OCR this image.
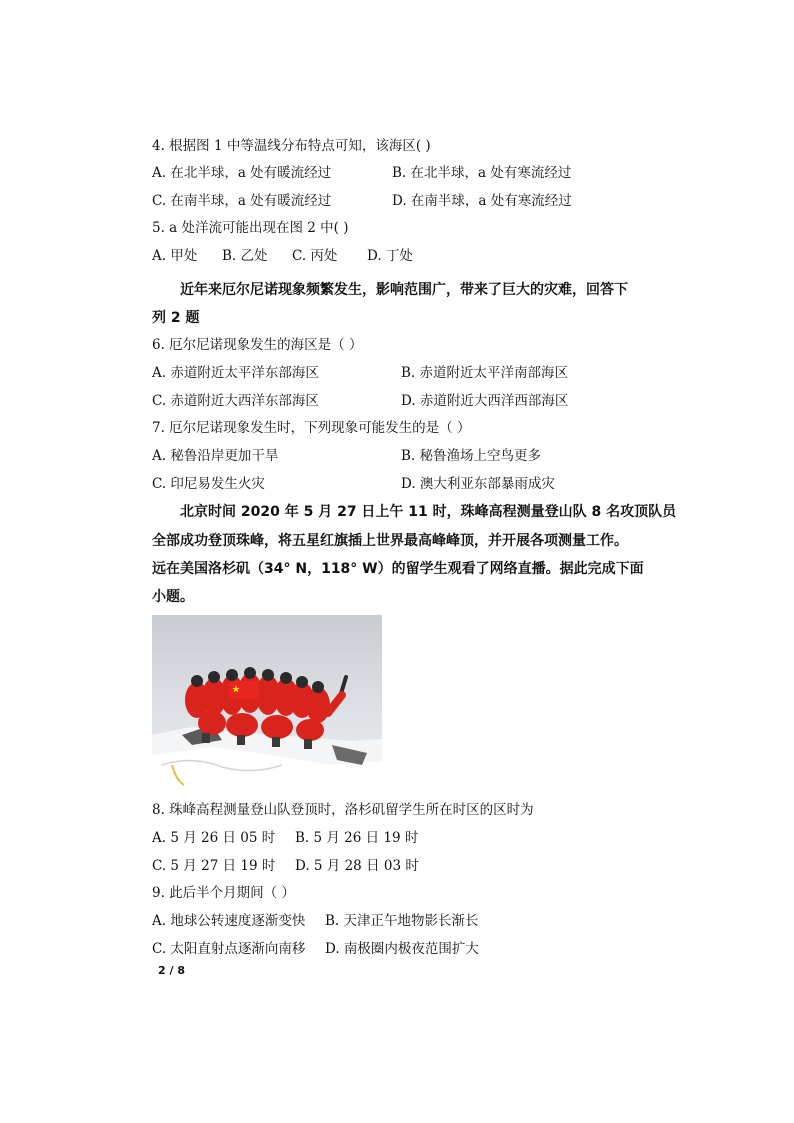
4. 根据图 1 中等温线分布特点可知，该海区( )
A. 在北半球，a 处有暖流经过	B. 在北半球，a 处有寒流经过
C. 在南半球，a 处有暖流经过	D. 在南半球，a 处有寒流经过
5. a 处洋流可能出现在图 2 中( )
A. 甲处 B. 乙处 C. 丙处 D. 丁处
近年来厄尔尼诺现象频繁发生，影响范围广，带来了巨大的灾难，回答下
列 2 题
6. 厄尔尼诺现象发生的海区是（ ）
A. 赤道附近太平洋东部海区	B. 赤道附近太平洋南部海区
C. 赤道附近大西洋东部海区	D. 赤道附近大西洋西部海区
7. 厄尔尼诺现象发生时，下列现象可能发生的是（ ）
A. 秘鲁沿岸更加干旱	B. 秘鲁渔场上空鸟更多
C. 印尼易发生火灾	D. 澳大利亚东部暴雨成灾
北京时间 2020 年 5 月 27 日上午 11 时，珠峰高程测量登山队 8 名攻顶队员
全部成功登顶珠峰，将五星红旗插上世界最高峰峰顶，并开展各项测量工作。
远在美国洛杉矶（34° N，118° W）的留学生观看了网络直播。据此完成下面
小题。
8. 珠峰高程测量登山队登顶时，洛杉矶留学生所在时区的区时为
A. 5 月 26 日 05 时 B. 5 月 26 日 19 时
C. 5 月 27 日 19 时 D. 5 月 28 日 03 时
9. 此后半个月期间（ ）
A. 地球公转速度逐渐变快 B. 天津正午地物影长渐长
C. 太阳直射点逐渐向南移 D. 南极圈内极夜范围扩大
2 / 8
